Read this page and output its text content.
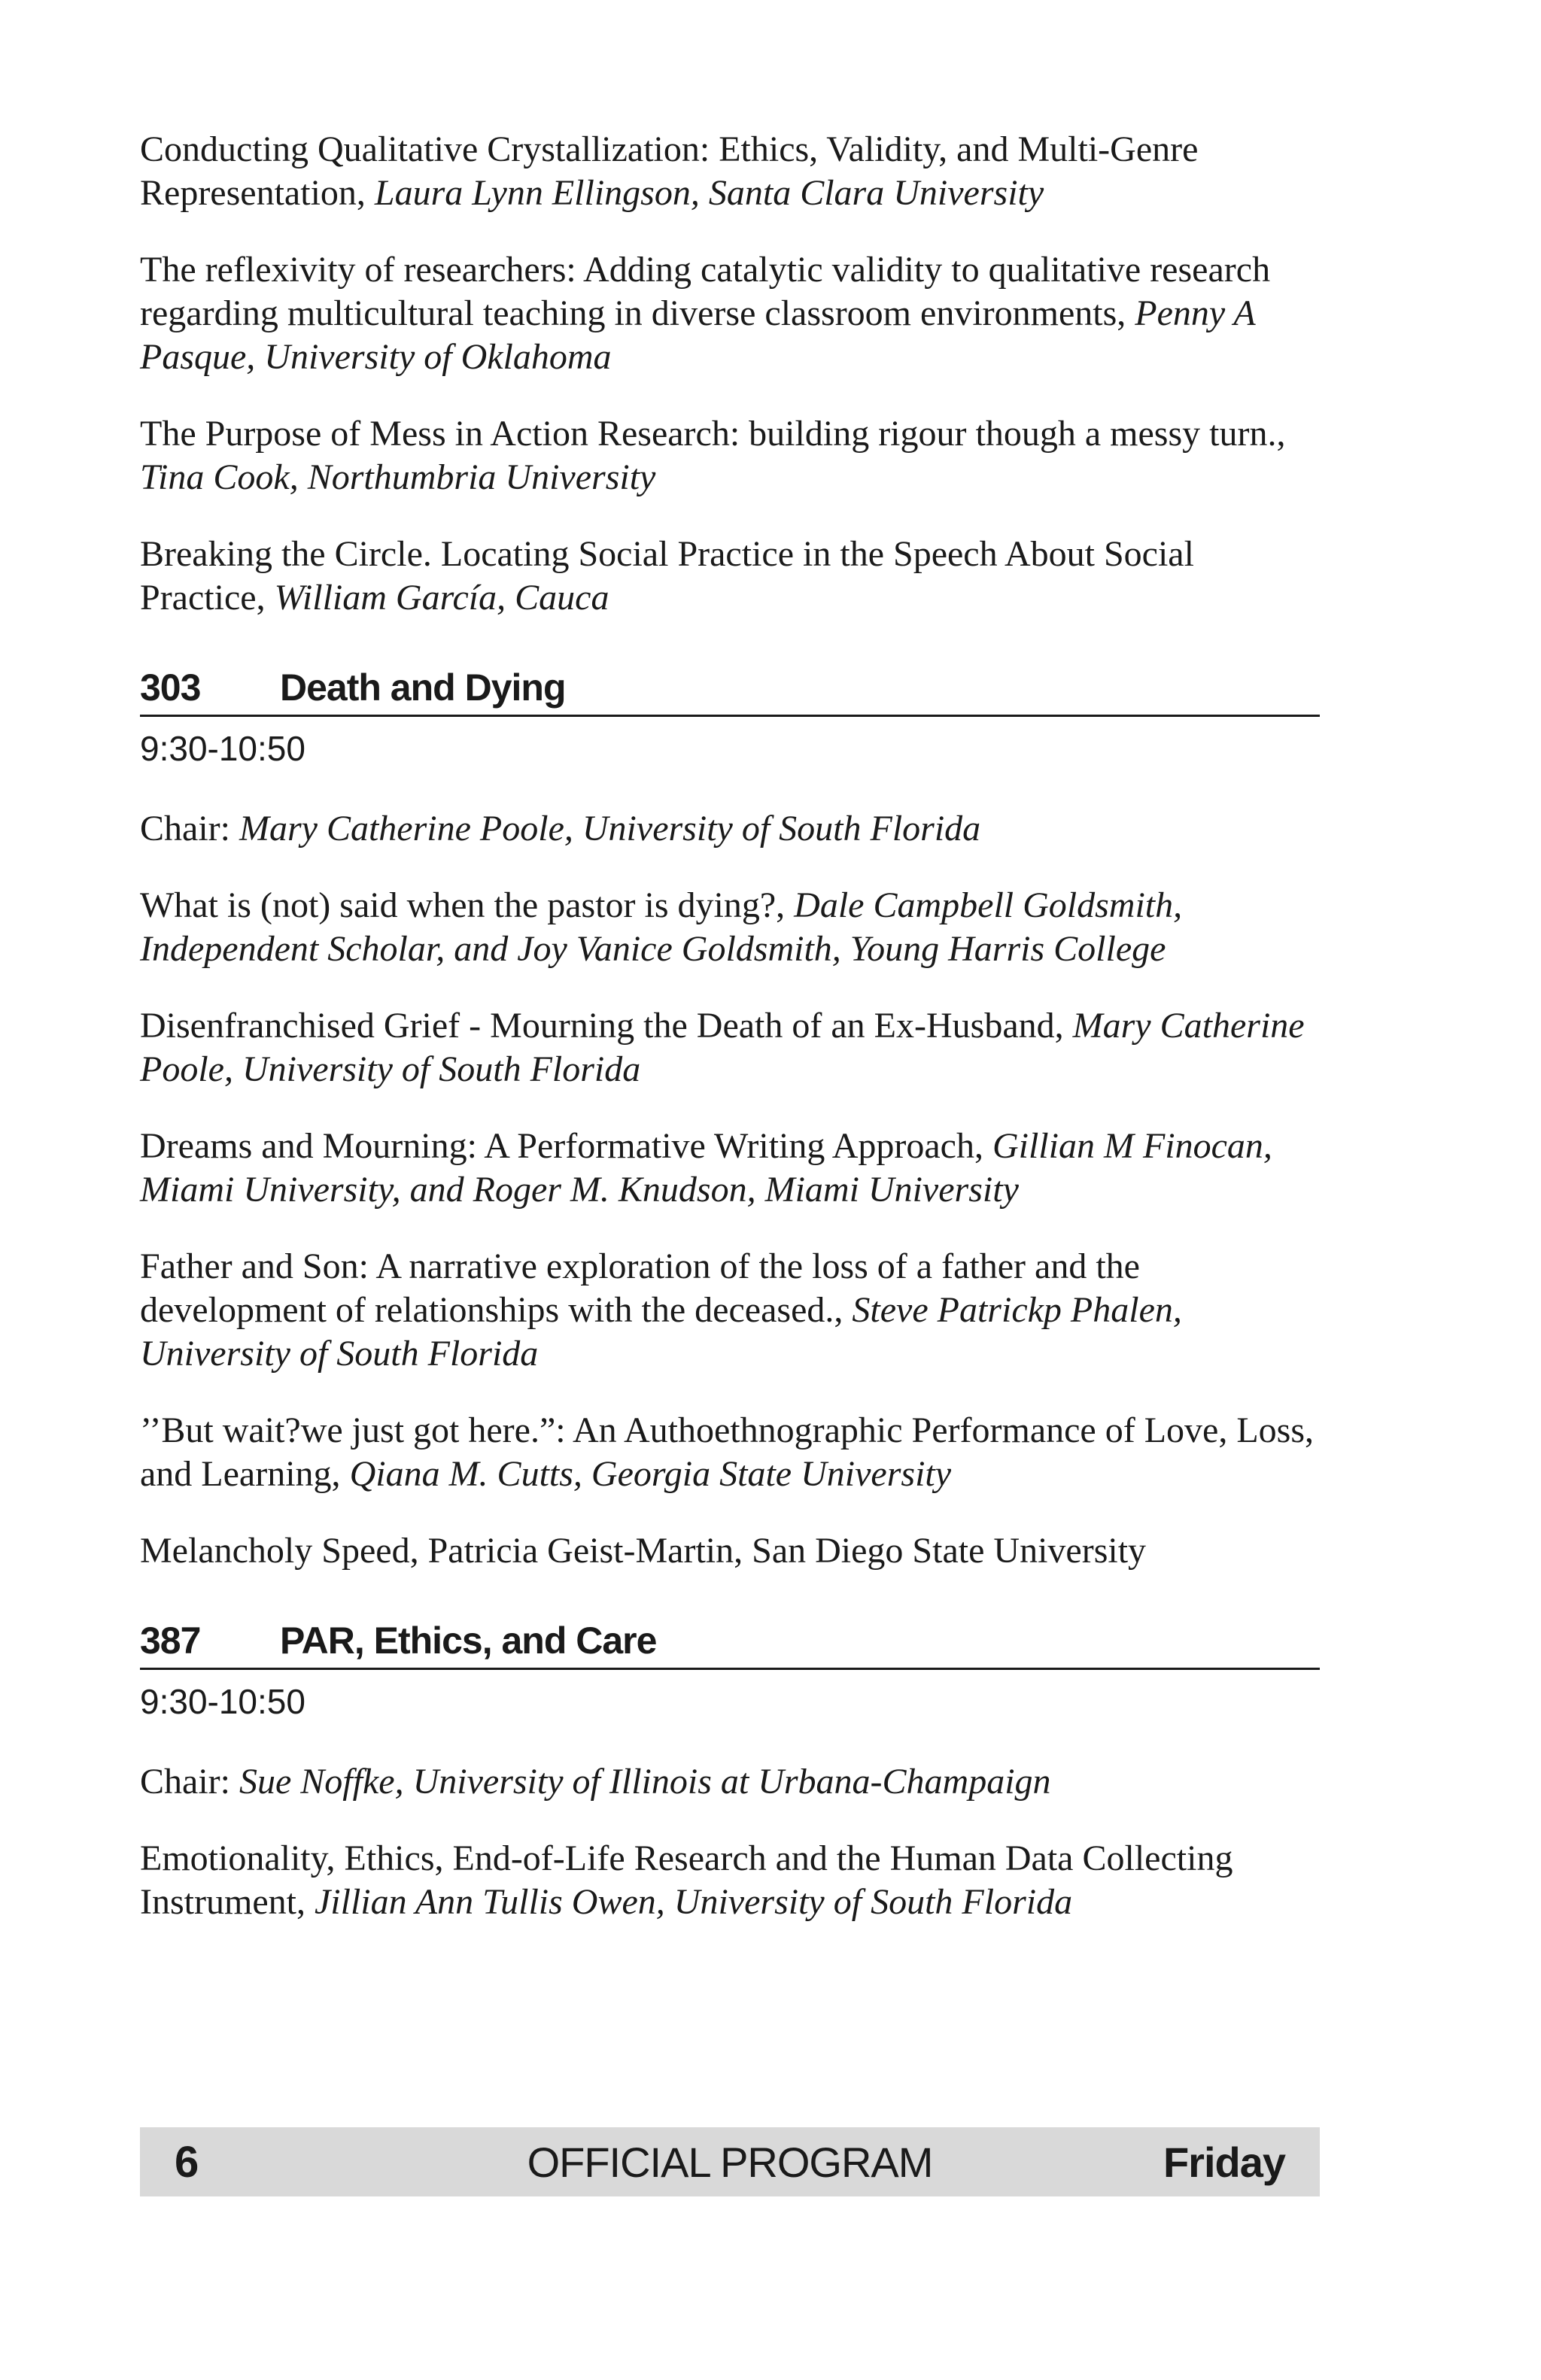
Conducting Qualitative Crystallization: Ethics, Validity, and Multi-Genre Representation, Laura Lynn Ellingson, Santa Clara University

The reflexivity of researchers: Adding catalytic validity to qualitative research regarding multicultural teaching in diverse classroom environments, Penny A Pasque, University of Oklahoma

The Purpose of Mess in Action Research: building rigour though a messy turn., Tina Cook, Northumbria University

Breaking the Circle. Locating Social Practice in the Speech About Social Practice, William García, Cauca

303	Death and Dying
9:30-10:50

Chair: Mary Catherine Poole, University of South Florida

What is (not) said when the pastor is dying?, Dale Campbell Goldsmith, Independent Scholar, and Joy Vanice Goldsmith, Young Harris College

Disenfranchised Grief - Mourning the Death of an Ex-Husband, Mary Catherine Poole, University of South Florida

Dreams and Mourning: A Performative Writing Approach, Gillian M Finocan, Miami University, and Roger M. Knudson, Miami University

Father and Son: A narrative exploration of the loss of a father and the development of relationships with the deceased., Steve Patrickp Phalen, University of South Florida

’’But wait?we just got here.”: An Authoethnographic Performance of Love, Loss, and Learning, Qiana M. Cutts, Georgia State University

Melancholy Speed, Patricia Geist-Martin, San Diego State University

387	PAR, Ethics, and Care
9:30-10:50

Chair: Sue Noffke, University of Illinois at Urbana-Champaign

Emotionality, Ethics, End-of-Life Research and the Human Data Collecting Instrument, Jillian Ann Tullis Owen, University of South Florida

6	OFFICIAL PROGRAM	Friday
